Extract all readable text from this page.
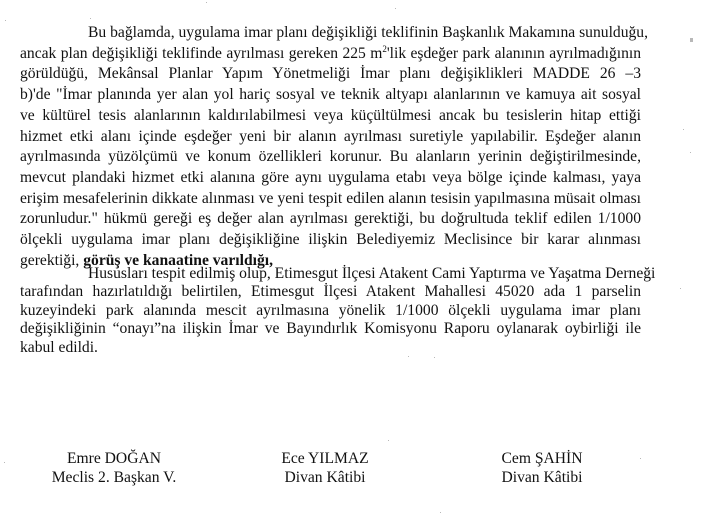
Bu bağlamda, uygulama imar planı değişikliği teklifinin Başkanlık Makamına sunulduğu,
ancak plan değişikliği teklifinde ayrılması gereken 225 $m^2'lik$ eşdeğer park alanının ayrılmadığının
görüldüğü, Mekânsal Planlar Yapım Yönetmeliği İmar planı değişiklikleri MADDE 26 –3
b)'de "İmar planında yer alan yol hariç sosyal ve teknik altyapı alanlarının ve kamuya ait sosyal
ve kültürel tesis alanlarının kaldırılabilmesi veya küçültülmesi ancak bu tesislerin hitap ettiği
hizmet etki alanı içinde eşdeğer yeni bir alanın ayrılması suretiyle yapılabilir. Eşdeğer alanın
ayrılmasında yüzölçümü ve konum özellikleri korunur. Bu alanların yerinin değiştirilmesinde,
mevcut plandaki hizmet etki alanına göre aynı uygulama etabı veya bölge içinde kalması, yaya
erişim mesafelerinin dikkate alınması ve yeni tespit edilen alanın tesisin yapılmasına müsait olması
zorunludur." hükmü gereği eş değer alan ayrılması gerektiği, bu doğrultuda teklif edilen 1/1000
ölçekli uygulama imar planı değişikliğine ilişkin Belediyemiz Meclisince bir karar alınması
gerektiği, görüş ve kanaatine varıldığı,

Hususları tespit edilmiş olup, Etimesgut İlçesi Atakent Cami Yaptırma ve Yaşatma Derneği
tarafından hazırlatıldığı belirtilen, Etimesgut İlçesi Atakent Mahallesi 45020 ada 1 parselin
kuzeyindeki park alanında mescit ayrılmasına yönelik 1/1000 ölçekli uygulama imar planı
değişikliğinin “onayı”na ilişkin İmar ve Bayındırlık Komisyonu Raporu oylanarak oybirliği ile
kabul edildi.

Emre DOĞAN
Meclis 2. Başkan V.
Ece YILMAZ
Divan Kâtibi
Cem ŞAHİN
Divan Kâtibi
